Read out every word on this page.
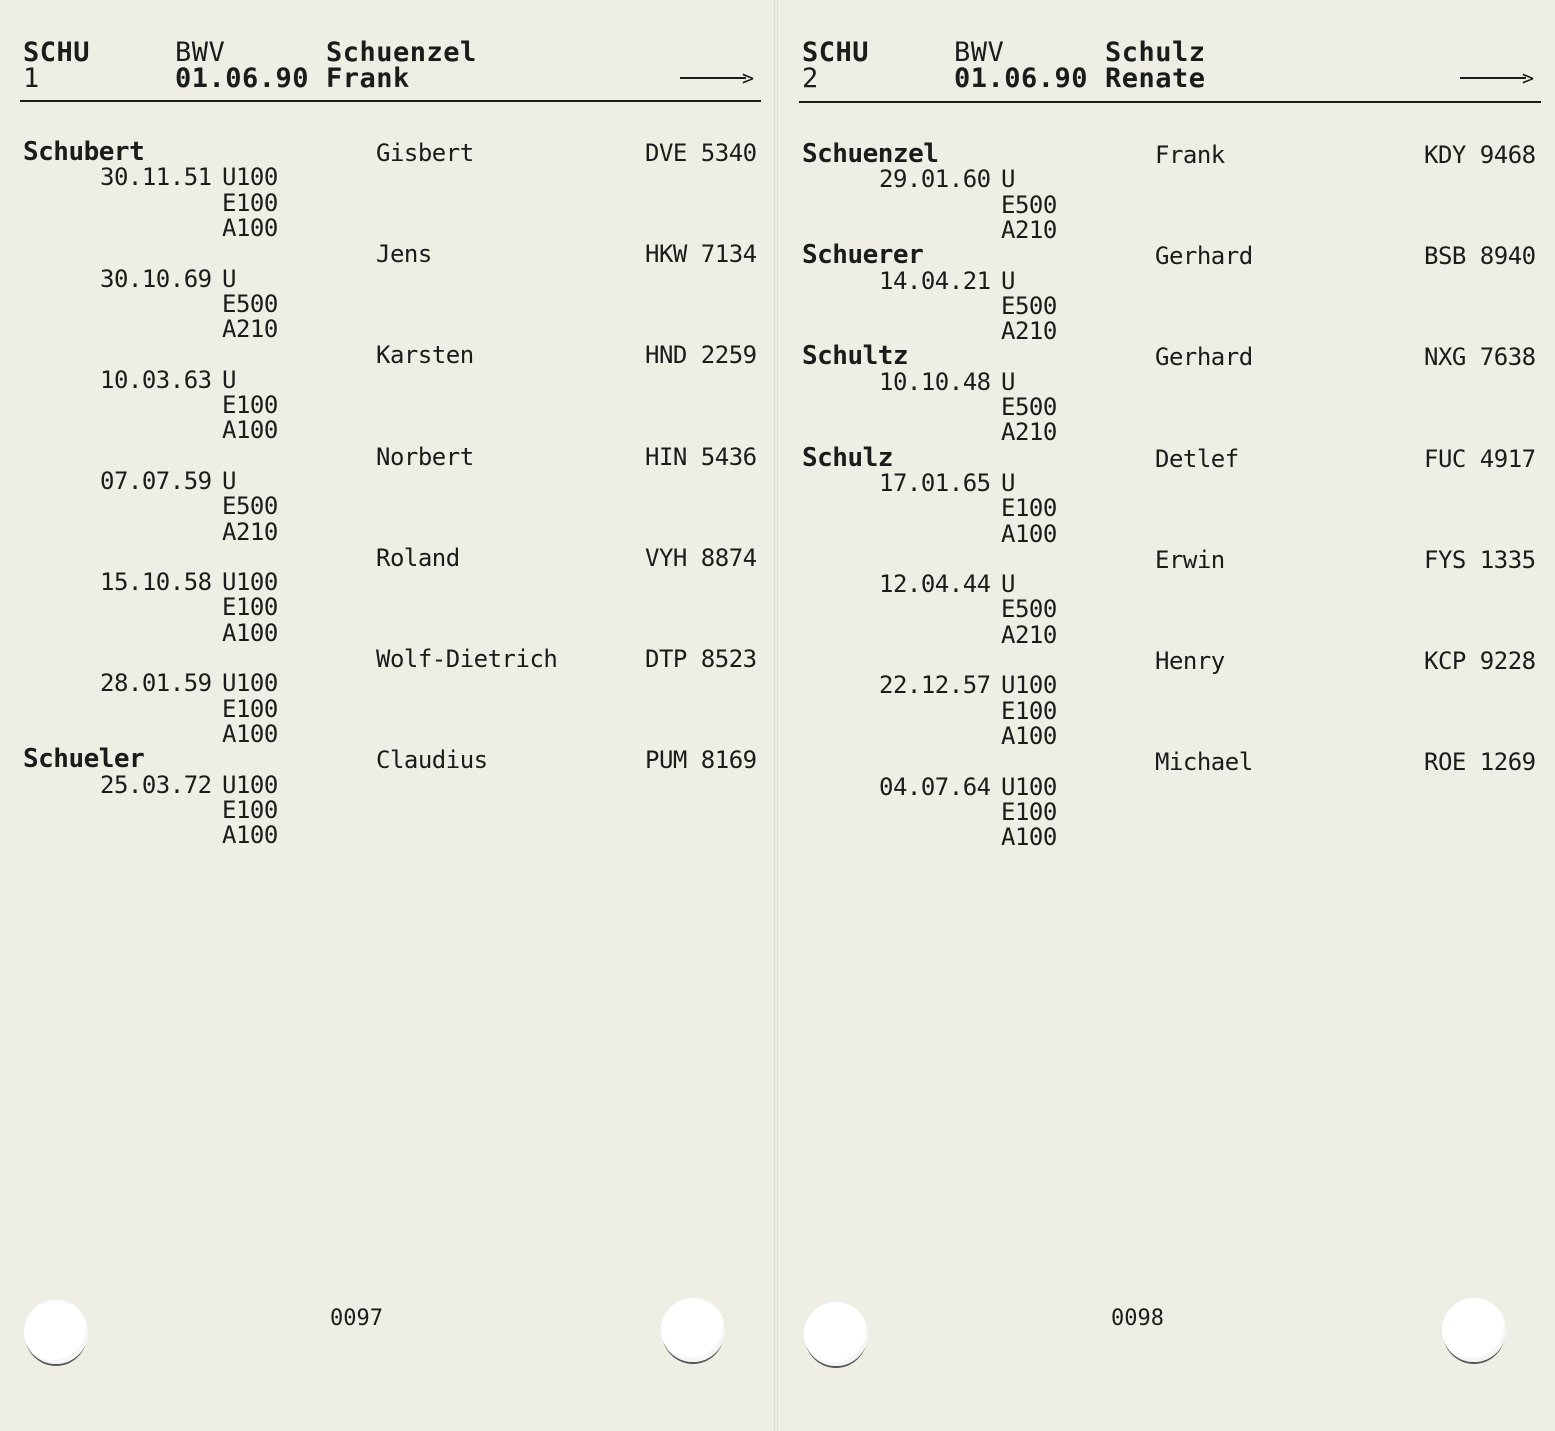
SCHU
1
BWV
01.06.90
Schuenzel
Frank	>
0097
Schubert	Gisbert	DVE 5340
30.11.51 U100
E100
A100
Jens	HKW 7134
30.10.69 U
E500
A210
Karsten	HND 2259
10.03.63 U
E100
A100
Norbert	HIN 5436
07.07.59 U
E500
A210
Roland	VYH 8874
15.10.58 U100
E100
A100
Wolf-Dietrich	DTP 8523
28.01.59 U100
E100
A100
Schueler	Claudius	PUM 8169
25.03.72 U100
E100
A100
SCHU
2
BWV
01.06.90
Schulz
Renate	>
0098
Schuenzel	Frank	KDY 9468
29.01.60 U
E500
A210
Schuerer	Gerhard	BSB 8940
14.04.21 U
E500
A210
Schultz	Gerhard	NXG 7638
10.10.48 U
E500
A210
Schulz	Detlef	FUC 4917
17.01.65 U
E100
A100
Erwin	FYS 1335
12.04.44 U
E500
A210
Henry	KCP 9228
22.12.57 U100
E100
A100
Michael	ROE 1269
04.07.64 U100
E100
A100
